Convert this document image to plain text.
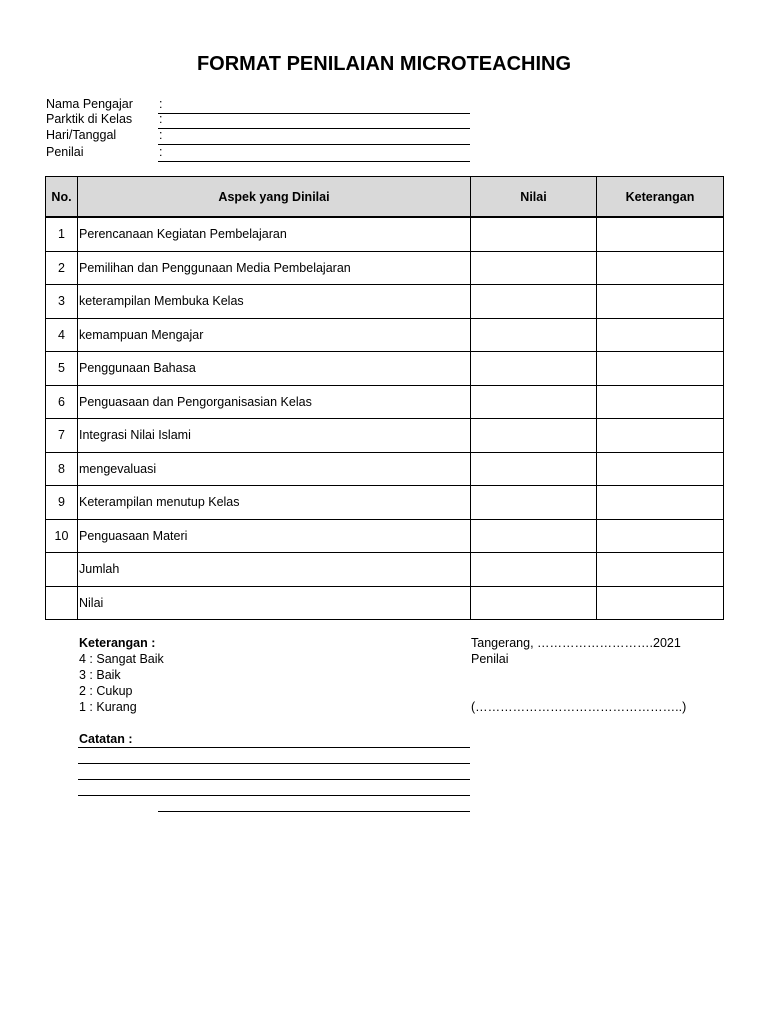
FORMAT PENILAIAN MICROTEACHING
Nama Pengajar :
Parktik di Kelas :
Hari/Tanggal	:
Penilai	:
No.	Aspek yang Dinilai	Nilai	Keterangan
1	Perencanaan Kegiatan Pembelajaran		
2	Pemilihan dan Penggunaan Media Pembelajaran		
3	keterampilan Membuka Kelas		
4	kemampuan Mengajar		
5	Penggunaan Bahasa		
6	Penguasaan dan Pengorganisasian Kelas		
7	Integrasi Nilai Islami		
8	mengevaluasi		
9	Keterampilan menutup Kelas		
10	Penguasaan Materi		
	Jumlah		
	Nilai		
Keterangan :
4 : Sangat Baik
3 : Baik
2 : Cukup
1 : Kurang
Tangerang, ……………………….2021
Penilai
(…………………………………………..)
Catatan :
